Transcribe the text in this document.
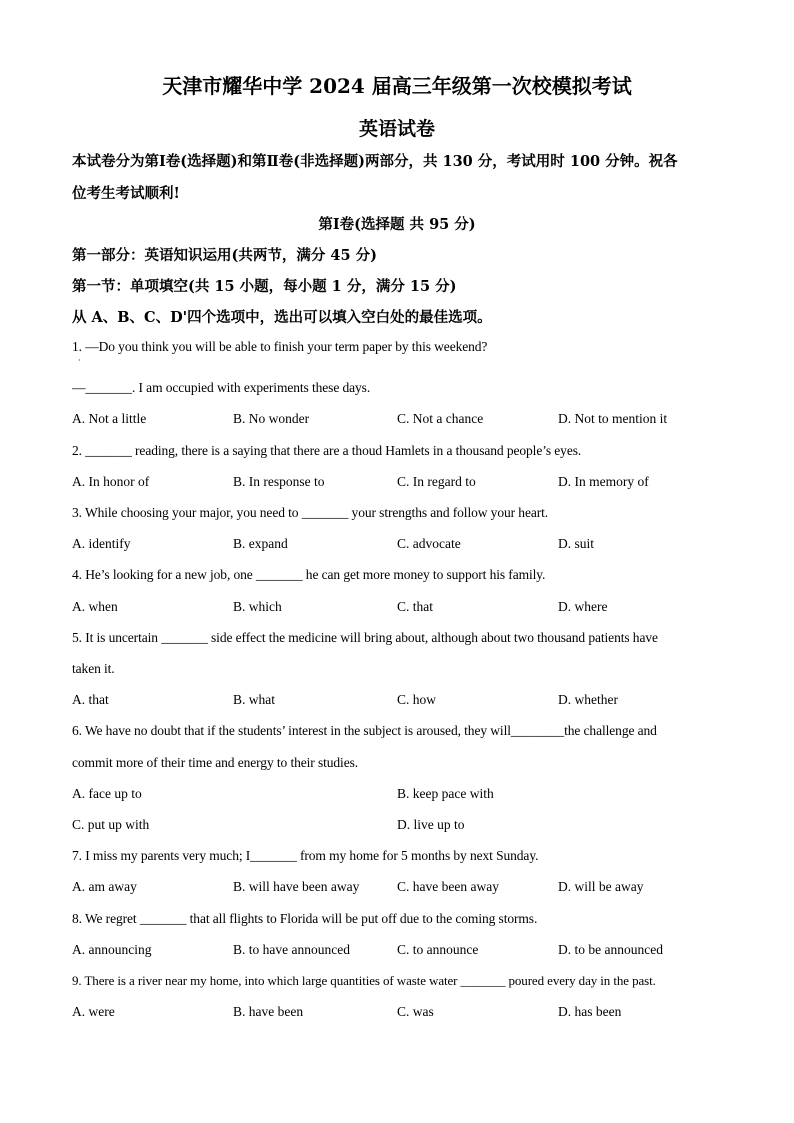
天津市耀华中学 2024 届高三年级第一次校模拟考试
英语试卷
本试卷分为第Ⅰ卷(选择题)和第Ⅱ卷(非选择题)两部分，共 130 分，考试用时 100 分钟。祝各
位考生考试顺利!
第Ⅰ卷(选择题 共 95 分)
第一部分：英语知识运用(共两节，满分 45 分)
第一节：单项填空(共 15 小题，每小题 1 分，满分 15 分)
从 A、B、C、D'四个选项中，选出可以填入空白处的最佳选项。
1. —Do you think you will be able to finish your term paper by this weekend?
·
—_______. I am occupied with experiments these days.
A. Not a little	B. No wonder	C. Not a chance	D. Not to mention it
2. _______ reading, there is a saying that there are a thoud Hamlets in a thousand people’s eyes.
A. In honor of	B. In response to	C. In regard to	D. In memory of
3. While choosing your major, you need to _______ your strengths and follow your heart.
A. identify	B. expand	C. advocate	D. suit
4. He’s looking for a new job, one _______ he can get more money to support his family.
A. when	B. which	C. that	D. where
5. It is uncertain _______ side effect the medicine will bring about, although about two thousand patients have
taken it.
A. that	B. what	C. how	D. whether
6. We have no doubt that if the students’ interest in the subject is aroused, they will________the challenge and
commit more of their time and energy to their studies.
A. face up to	B. keep pace with
C. put up with	D. live up to
7. I miss my parents very much; I_______ from my home for 5 months by next Sunday.
A. am away	B. will have been away	C. have been away	D. will be away
8. We regret _______ that all flights to Florida will be put off due to the coming storms.
A. announcing	B. to have announced	C. to announce	D. to be announced
9. There is a river near my home, into which large quantities of waste water _______ poured every day in the past.
A. were	B. have been	C. was	D. has been
